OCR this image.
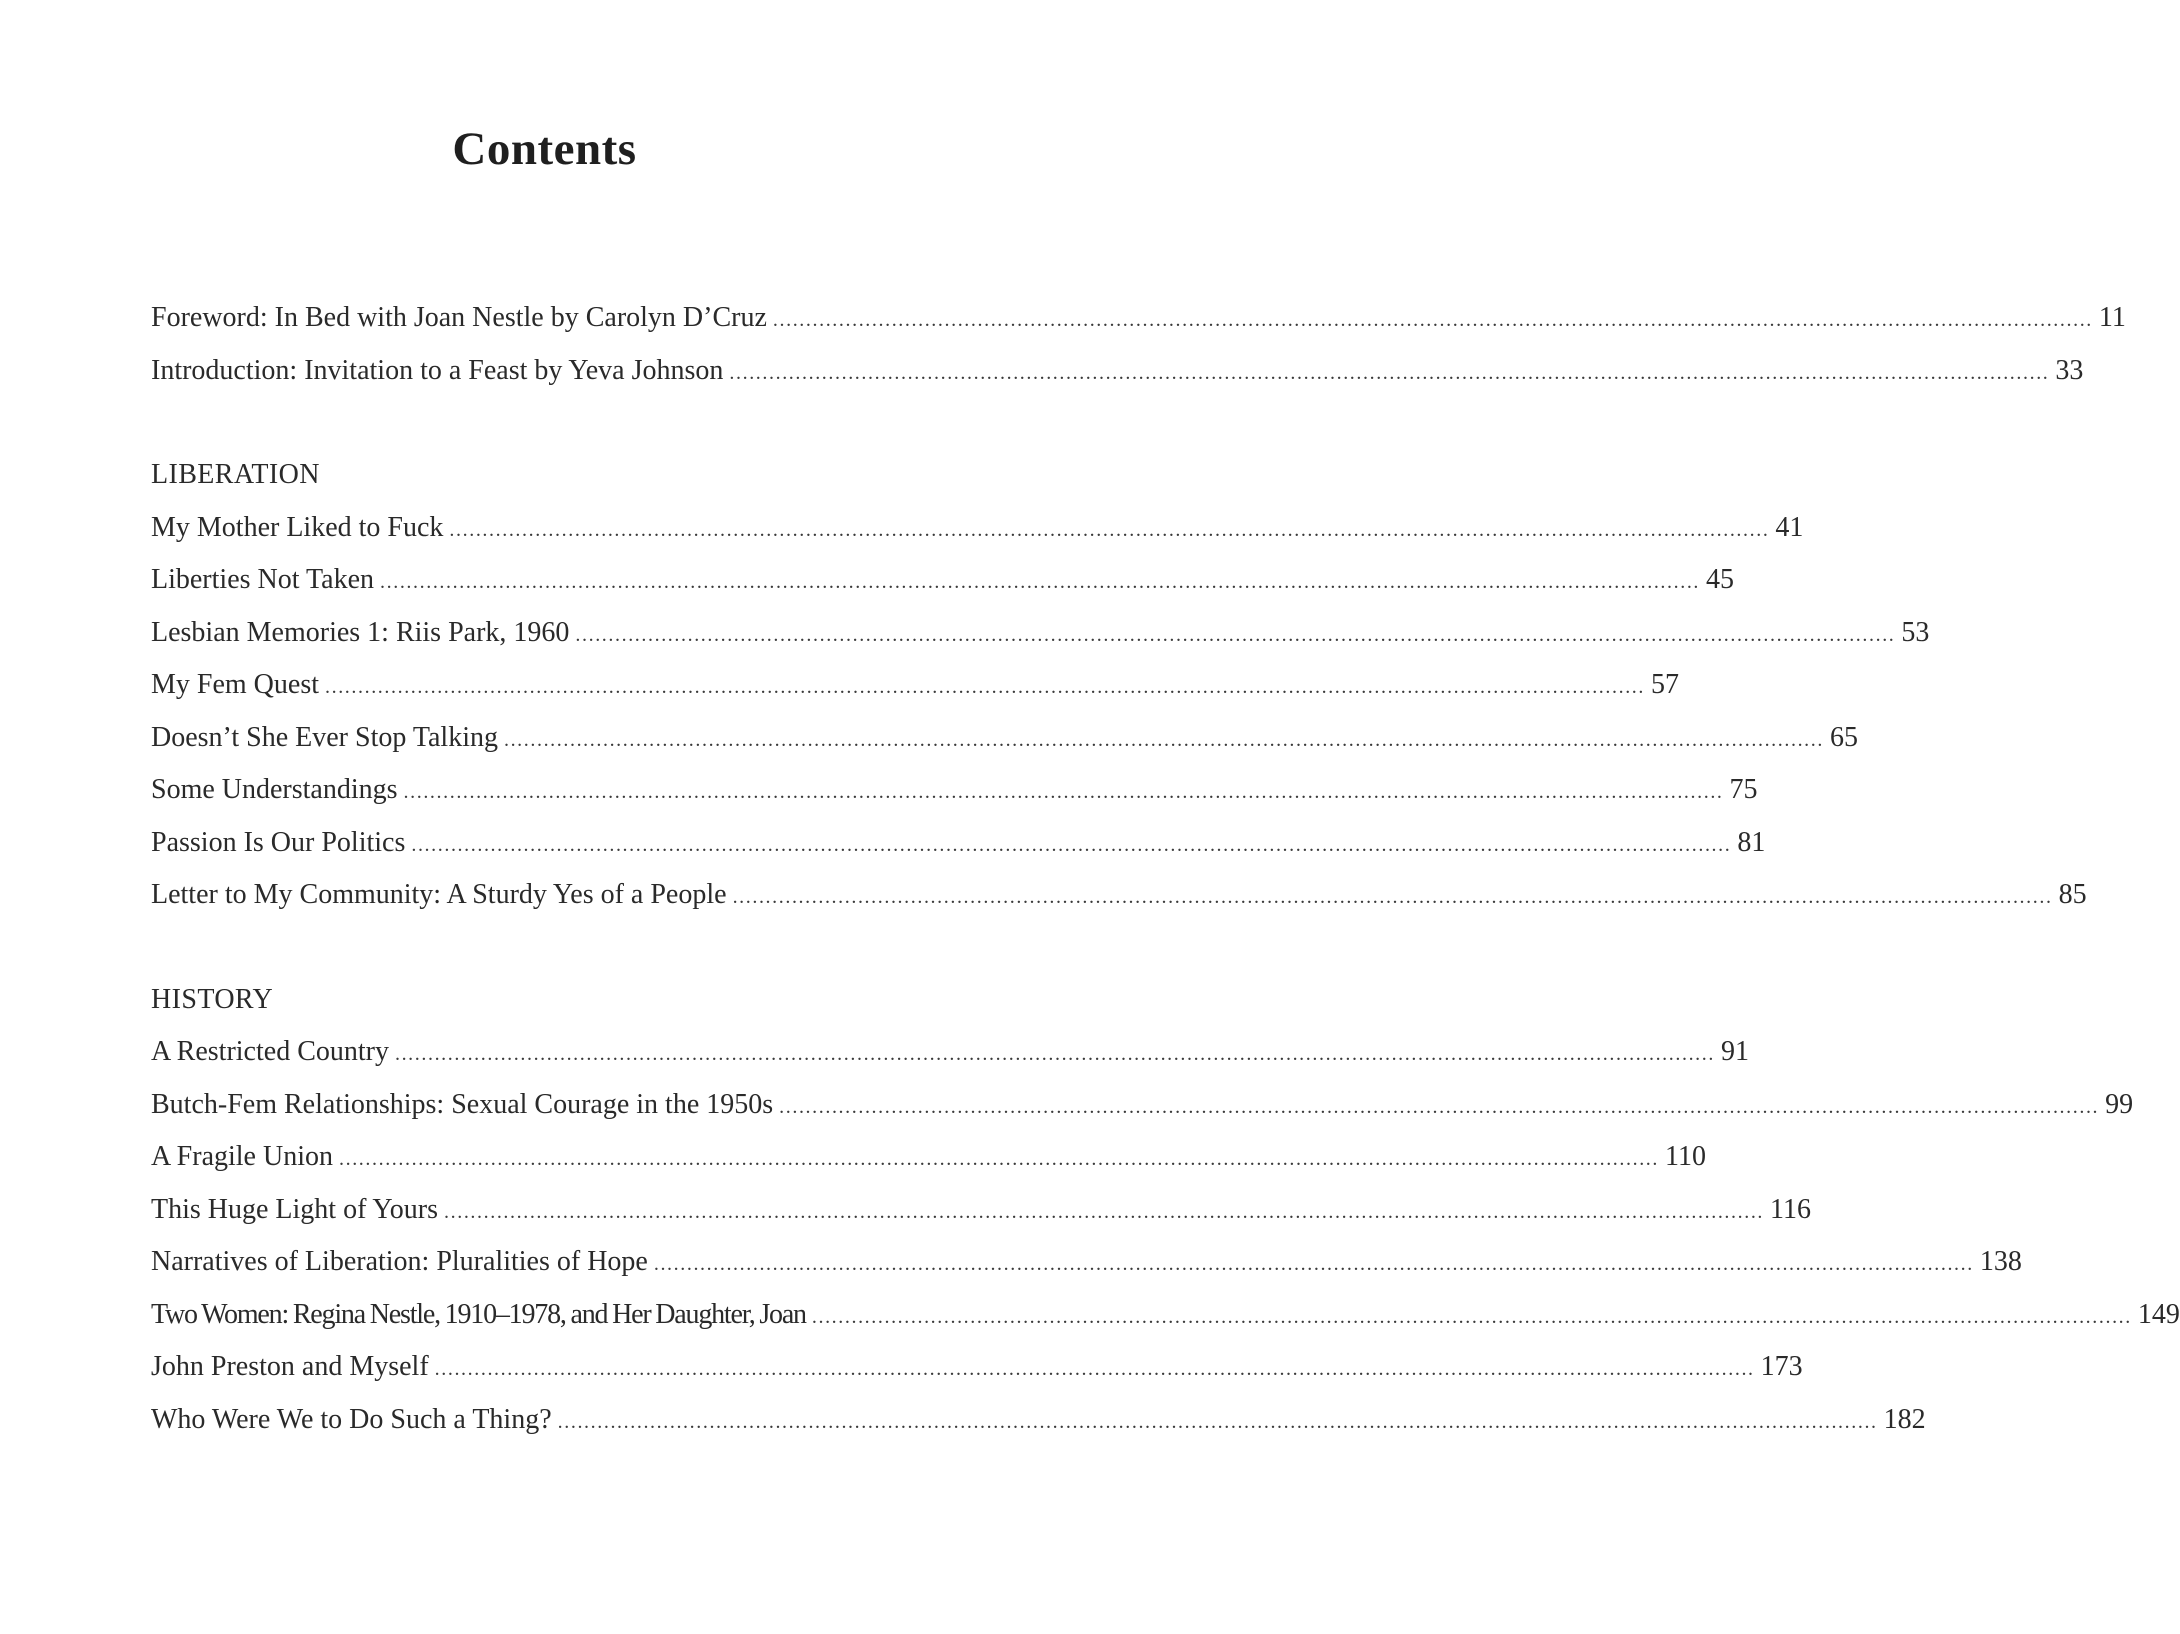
Contents
Foreword: In Bed with Joan Nestle by Carolyn D’Cruz .....	11
Introduction: Invitation to a Feast by Yeva Johnson .....	33
LIBERATION
My Mother Liked to Fuck .....	41
Liberties Not Taken .....	45
Lesbian Memories 1: Riis Park, 1960 .....	53
My Fem Quest .....	57
Doesn’t She Ever Stop Talking .....	65
Some Understandings .....	75
Passion Is Our Politics .....	81
Letter to My Community: A Sturdy Yes of a People .....	85
HISTORY
A Restricted Country .....	91
Butch-Fem Relationships: Sexual Courage in the 1950s .....	99
A Fragile Union .....	110
This Huge Light of Yours .....	116
Narratives of Liberation: Pluralities of Hope .....	138
Two Women: Regina Nestle, 1910–1978, and Her Daughter, Joan .....	149
John Preston and Myself .....	173
Who Were We to Do Such a Thing? .....	182
